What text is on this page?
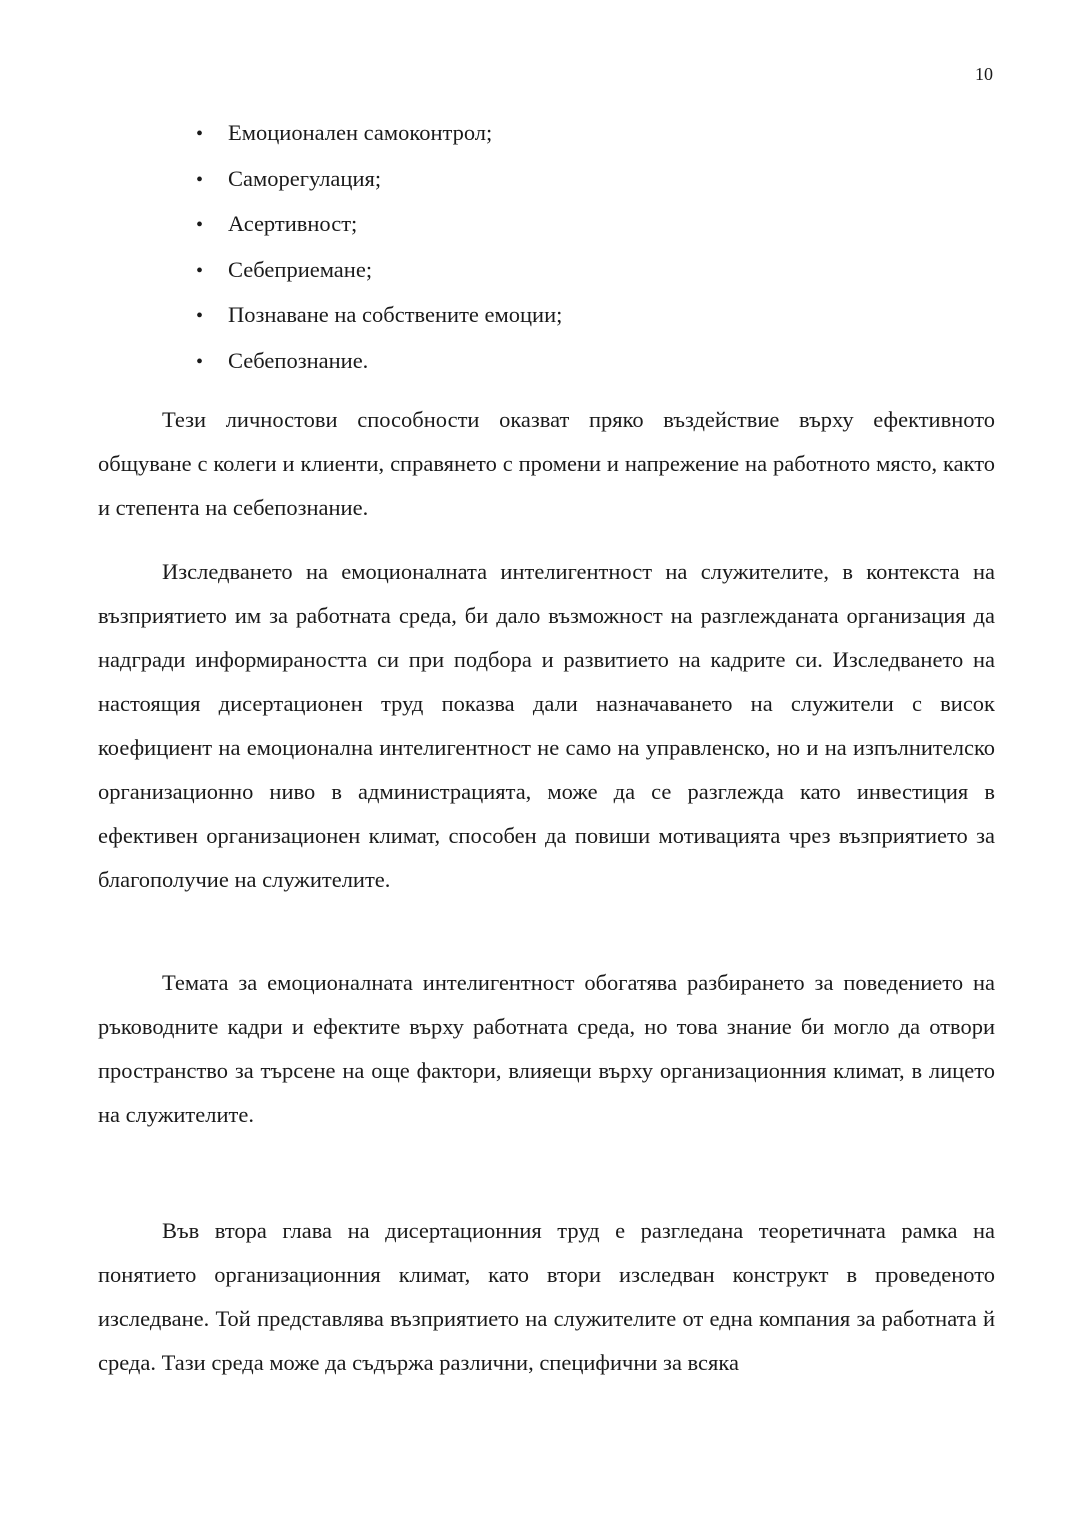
10
• Емоционален самоконтрол;
• Саморегулация;
• Асертивност;
• Себеприемане;
• Познаване на собствените емоции;
• Себепознание.

Тези личностови способности оказват пряко въздействие върху ефективното общуване с колеги и клиенти, справянето с промени и напрежение на работното място, както и степента на себепознание.

Изследването на емоционалната интелигентност на служителите, в контекста на възприятието им за работната среда, би дало възможност на разглежданата организация да надгради информираността си при подбора и развитието на кадрите си. Изследването на настоящия дисертационен труд показва дали назначаването на служители с висок коефициент на емоционална интелигентност не само на управленско, но и на изпълнителско организационно ниво в администрацията, може да се разглежда като инвестиция в ефективен организационен климат, способен да повиши мотивацията чрез възприятието за благополучие на служителите.

Темата за емоционалната интелигентност обогатява разбирането за поведението на ръководните кадри и ефектите върху работната среда, но това знание би могло да отвори пространство за търсене на още фактори, влияещи върху организационния климат, в лицето на служителите.

Във втора глава на дисертационния труд е разгледана теоретичната рамка на понятието организационния климат, като втори изследван конструкт в проведеното изследване. Той представлява възприятието на служителите от една компания за работната й среда. Тази среда може да съдържа различни, специфични за всяка
